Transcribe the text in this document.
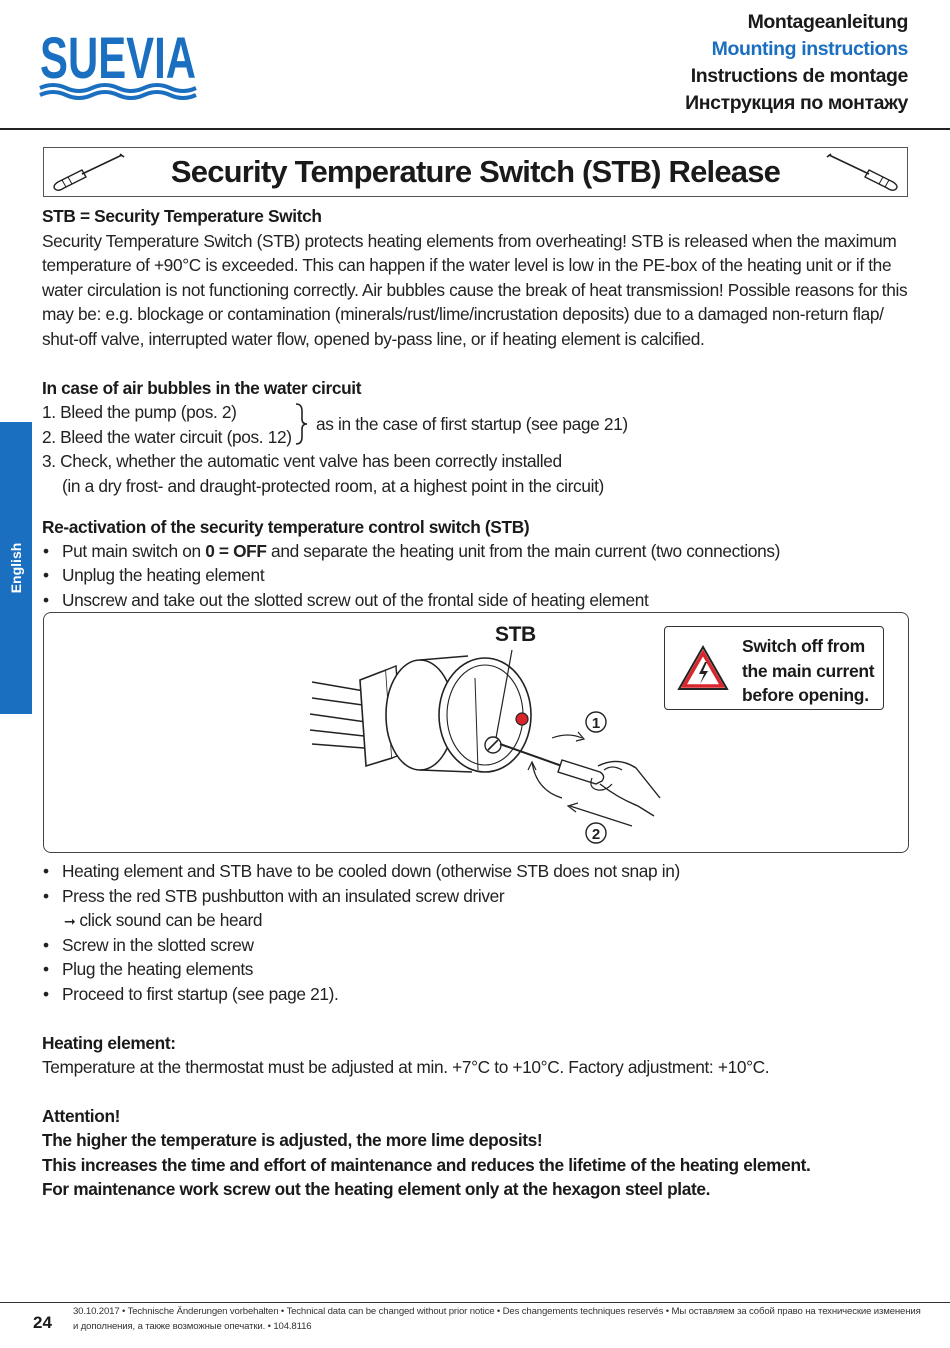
SUEVIA
Montageanleitung
Mounting instructions
Instructions de montage
Инструкция по монтажу
English
Security Temperature Switch (STB) Release
STB = Security Temperature Switch
Security Temperature Switch (STB) protects heating elements from overheating! STB is released when the maximum
temperature of +90°C is exceeded. This can happen if the water level is low in the PE-box of the heating unit or if the
water circulation is not functioning correctly. Air bubbles cause the break of heat transmission! Possible reasons for this
may be: e.g. blockage or contamination (minerals/rust/lime/incrustation deposits) due to a damaged non-return flap/
shut-off valve, interrupted water flow, opened by-pass line, or if heating element is calcified.
In case of air bubbles in the water circuit
1. Bleed the pump (pos. 2)
2. Bleed the water circuit (pos. 12)
as in the case of first startup (see page 21)
3. Check, whether the automatic vent valve has been correctly installed
(in a dry frost- and draught-protected room, at a highest point in the circuit)
Re-activation of the security temperature control switch (STB)
• Put main switch on 0 = OFF and separate the heating unit from the main current (two connections)
• Unplug the heating element
• Unscrew and take out the slotted screw out of the frontal side of heating element
1
2
STB	Switch off from
the main current
before opening.
• Heating element and STB have to be cooled down (otherwise STB does not snap in)
• Press the red STB pushbutton with an insulated screw driver
➞ click sound can be heard
• Screw in the slotted screw
• Plug the heating elements
• Proceed to first startup (see page 21).
Heating element:
Temperature at the thermostat must be adjusted at min. +7°C to +10°C. Factory adjustment: +10°C.
Attention!
The higher the temperature is adjusted, the more lime deposits!
This increases the time and effort of maintenance and reduces the lifetime of the heating element.
For maintenance work screw out the heating element only at the hexagon steel plate.
24
30.10.2017 • Technische Änderungen vorbehalten • Technical data can be changed without prior notice • Des changements techniques reservés • Мы оставляем за собой право на технические изменения и дополнения, а также возможные опечатки. • 104.8116
